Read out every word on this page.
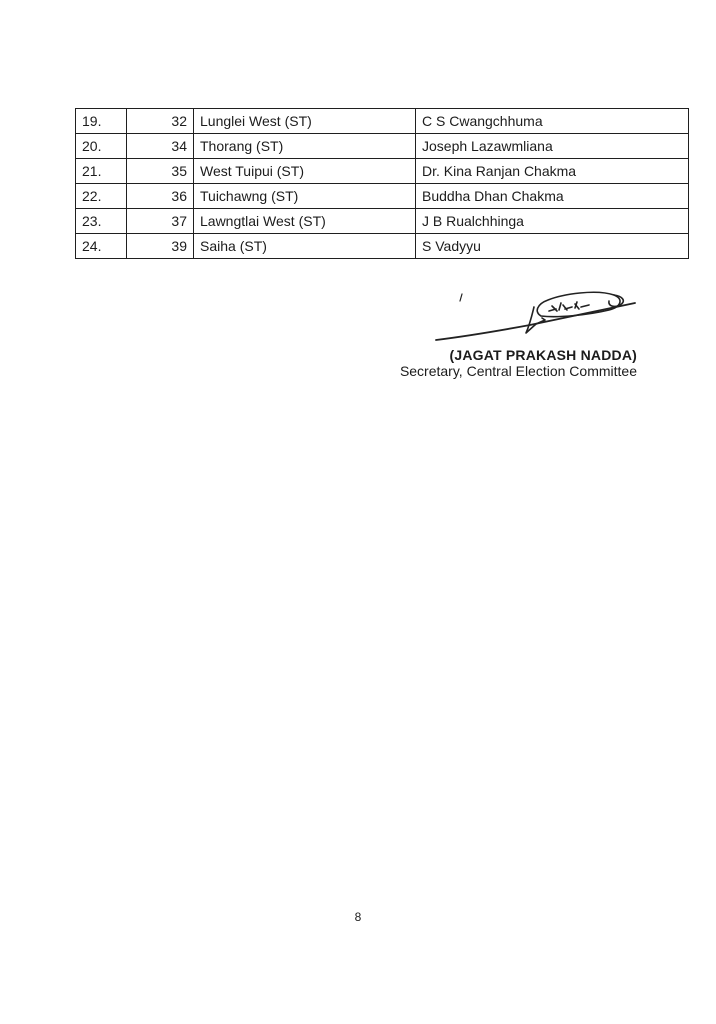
19.	32	Lunglei West (ST)	C S Cwangchhuma
20.	34	Thorang (ST)	Joseph Lazawmliana
21.	35	West Tuipui (ST)	Dr. Kina Ranjan Chakma
22.	36	Tuichawng (ST)	Buddha Dhan Chakma
23.	37	Lawngtlai West (ST)	J B Rualchhinga
24.	39	Saiha (ST)	S Vadyyu
(JAGAT PRAKASH NADDA)
Secretary, Central Election Committee
8
